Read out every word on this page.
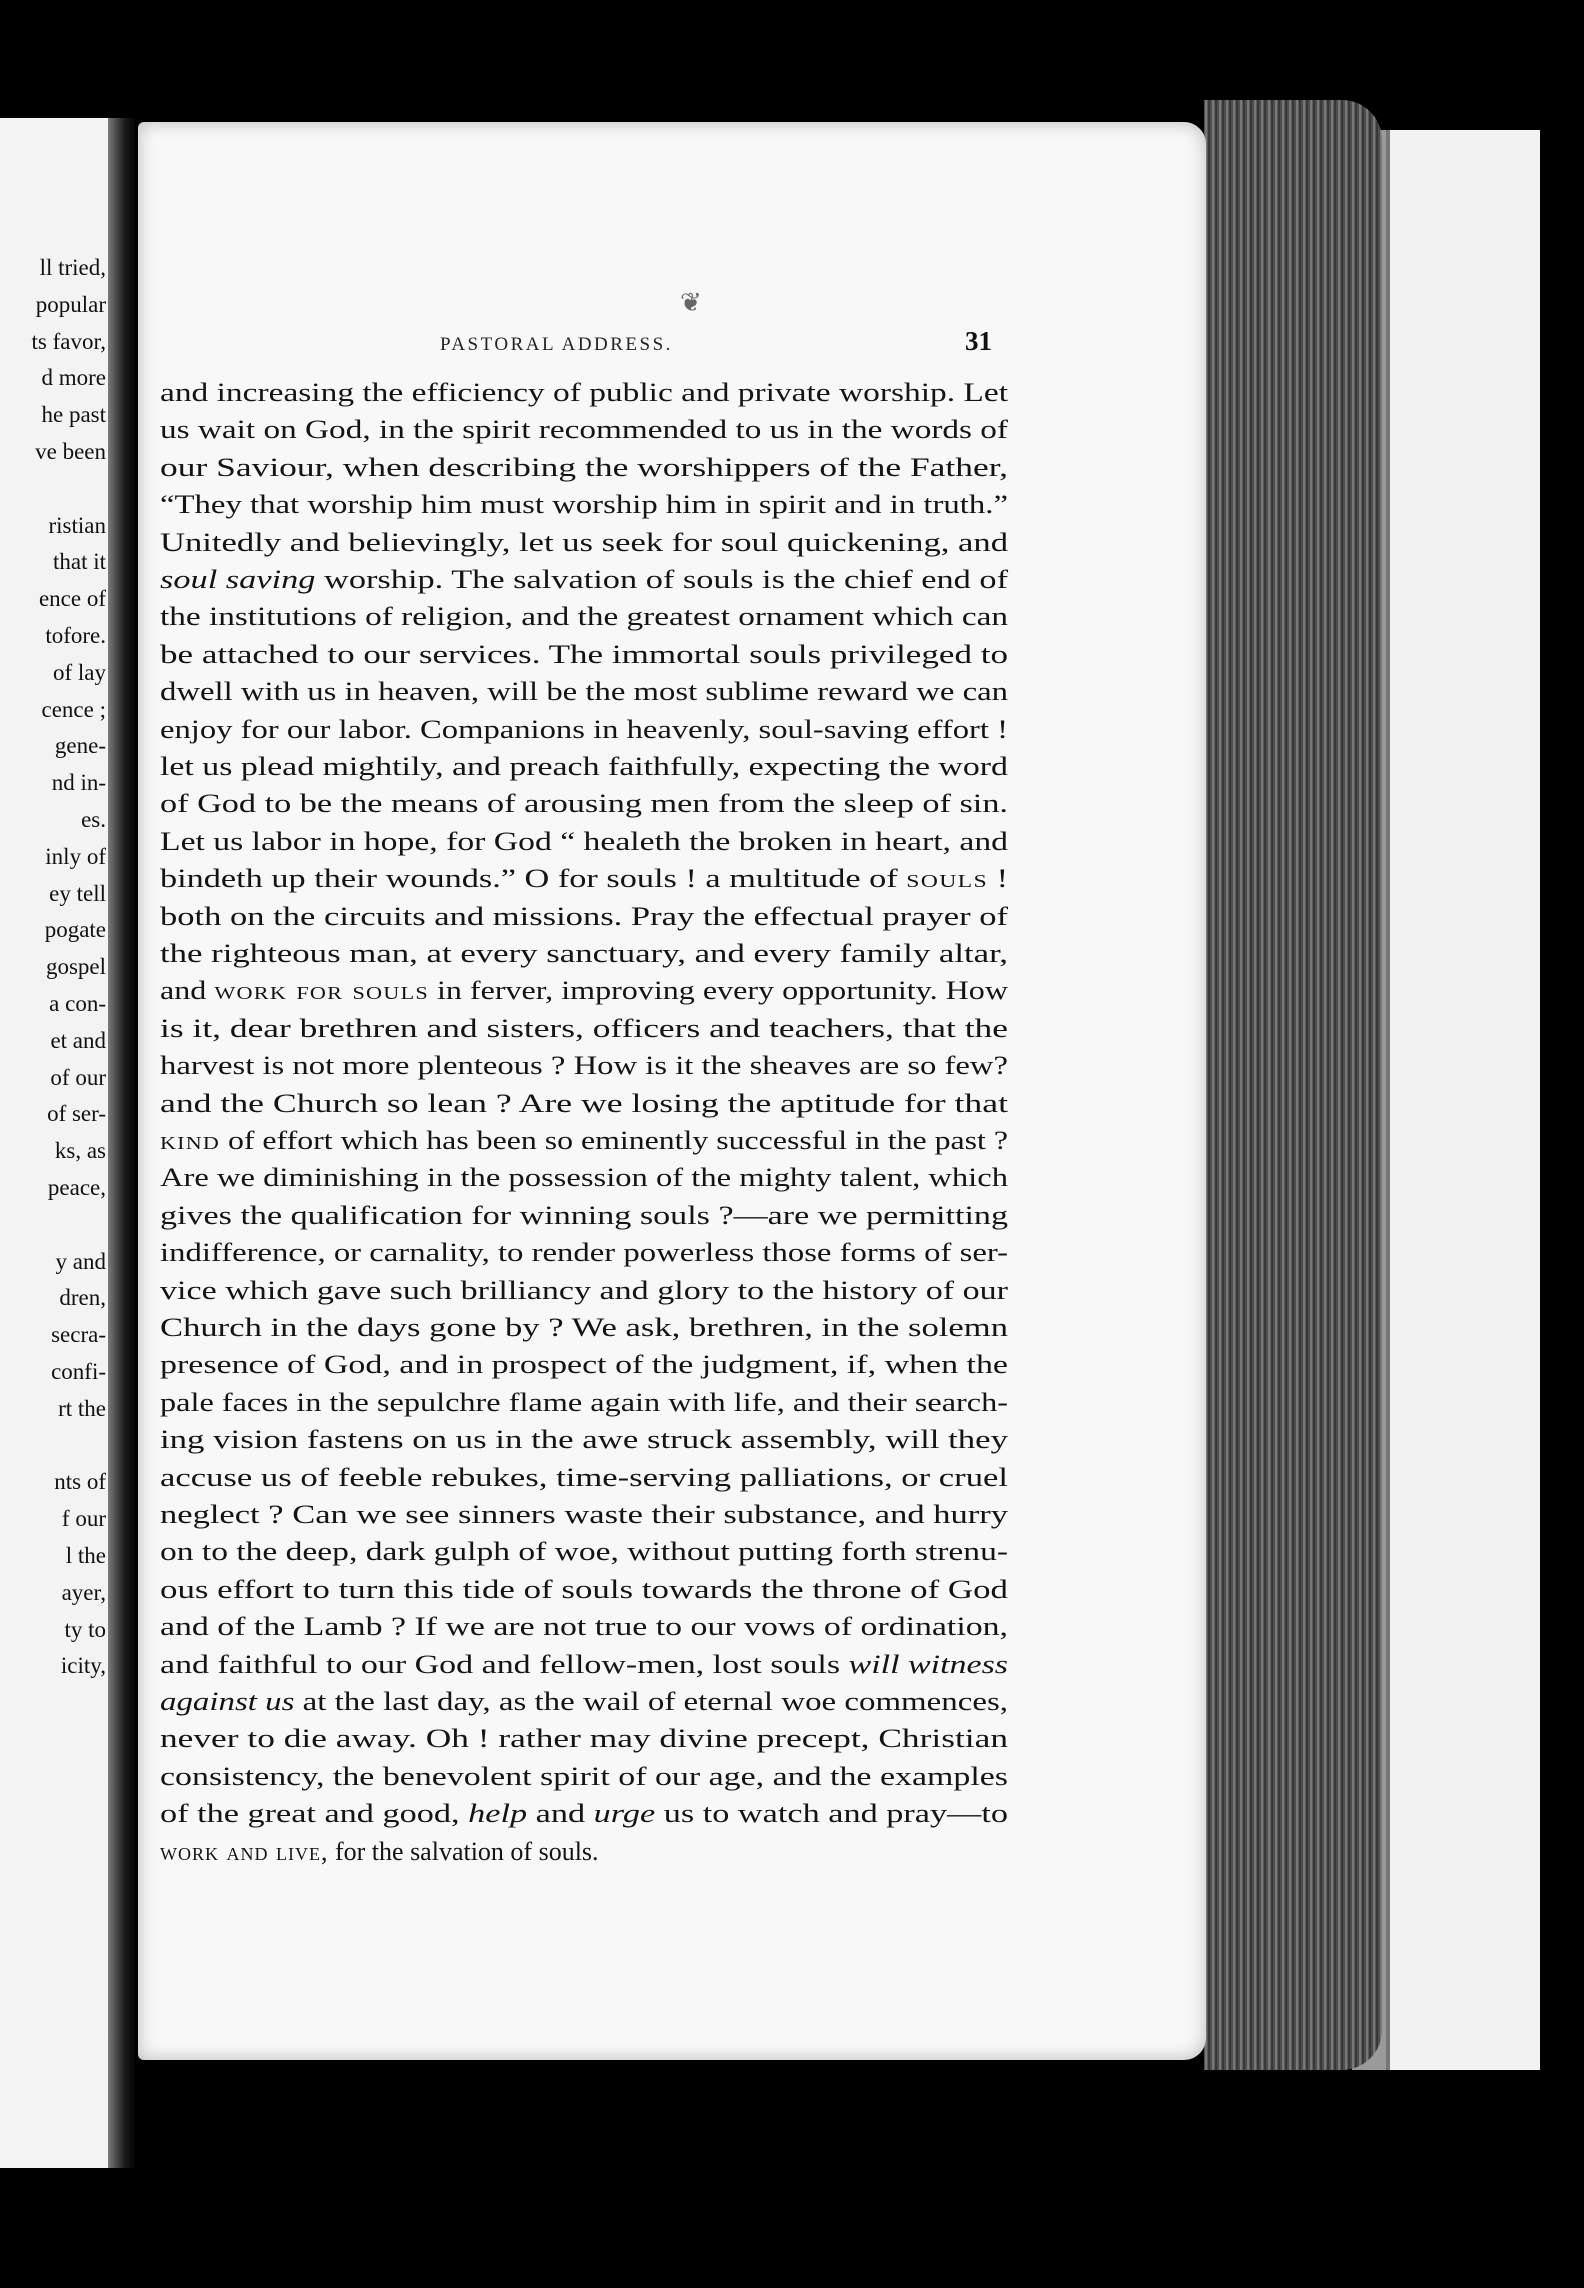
ll tried,
popular
ts favor,
d more
he past
ve been
ristian
that it
ence of
tofore.
of lay
cence ;
gene-
nd in-
es.
inly of
ey tell
pogate
gospel
a con-
et and
of our
of ser-
ks, as
peace,
y and
dren,
secra-
confi-
rt the
nts of
f our
l the
ayer,
ty to
icity,
❦
PASTORAL ADDRESS.	31
and increasing the efficiency of public and private worship. Let
us wait on God, in the spirit recommended to us in the words of
our Saviour, when describing the worshippers of the Father,
“They that worship him must worship him in spirit and in truth.”
Unitedly and believingly, let us seek for soul quickening, and
soul saving worship. The salvation of souls is the chief end of
the institutions of religion, and the greatest ornament which can
be attached to our services. The immortal souls privileged to
dwell with us in heaven, will be the most sublime reward we can
enjoy for our labor. Companions in heavenly, soul-saving effort !
let us plead mightily, and preach faithfully, expecting the word
of God to be the means of arousing men from the sleep of sin.
Let us labor in hope, for God “ healeth the broken in heart, and
bindeth up their wounds.” O for souls ! a multitude of souls !
both on the circuits and missions. Pray the effectual prayer of
the righteous man, at every sanctuary, and every family altar,
and work for souls in ferver, improving every opportunity. How
is it, dear brethren and sisters, officers and teachers, that the
harvest is not more plenteous ? How is it the sheaves are so few?
and the Church so lean ? Are we losing the aptitude for that
kind of effort which has been so eminently successful in the past ?
Are we diminishing in the possession of the mighty talent, which
gives the qualification for winning souls ?—are we permitting
indifference, or carnality, to render powerless those forms of ser-
vice which gave such brilliancy and glory to the history of our
Church in the days gone by ? We ask, brethren, in the solemn
presence of God, and in prospect of the judgment, if, when the
pale faces in the sepulchre flame again with life, and their search-
ing vision fastens on us in the awe struck assembly, will they
accuse us of feeble rebukes, time-serving palliations, or cruel
neglect ? Can we see sinners waste their substance, and hurry
on to the deep, dark gulph of woe, without putting forth strenu-
ous effort to turn this tide of souls towards the throne of God
and of the Lamb ? If we are not true to our vows of ordination,
and faithful to our God and fellow-men, lost souls will witness
against us at the last day, as the wail of eternal woe commences,
never to die away. Oh ! rather may divine precept, Christian
consistency, the benevolent spirit of our age, and the examples
of the great and good, help and urge us to watch and pray—to
work and live, for the salvation of souls.
